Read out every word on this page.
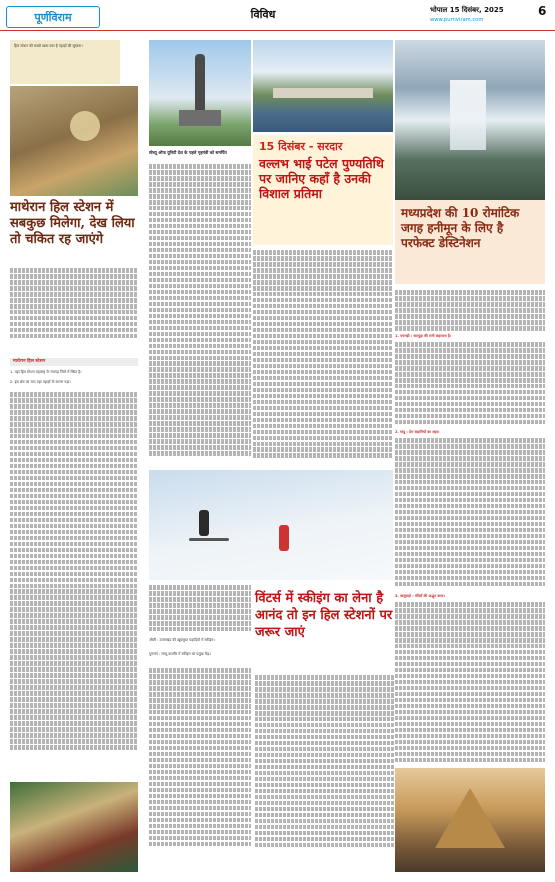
पूर्णविराम	विविध	भोपाल 15 दिसंबर, 2025	6
www.purnviram.com
हिल स्टेशन की सबसे खास बात है पहाड़ों की सुंदरता।
माथेरान हिल स्टेशन में सबकुछ मिलेगा, देख लिया तो चकित रह जाएंगे
माथेरान हिल स्टेशन
1. यहां हिल स्टेशन महाराष्ट्र के रायगढ़ जिले में स्थित है।
2. इस क्षेत्र का नाम यहां पहाड़ों के कारण पड़ा।
स्टेच्यू ऑफ यूनिटी देश के पहले गृहमंत्री को समर्पित	15 दिसंबर - सरदार
वल्लभ भाई पटेल पुण्यतिथि पर जानिए कहाँ है उनकी विशाल प्रतिमा
औली : उत्तराखंड की खूबसूरत पहाड़ियों में स्कीइंग।
गुलमर्ग : जम्मू-कश्मीर में स्कीइंग का प्रमुख केंद्र।
विंटर्स में स्कीइंग का लेना है आनंद तो इन हिल स्टेशनों पर जरूर जाएं
मध्यप्रदेश की 10 रोमांटिक जगह हनीमून के लिए है परफेक्ट डेस्टिनेशन
1. पचमढ़ी : सतपुड़ा की रानी कहलाता है।
2. मांडू : प्रेम कहानियों का शहर।
3. खजुराहो : मंदिरों की अद्भुत कला।
